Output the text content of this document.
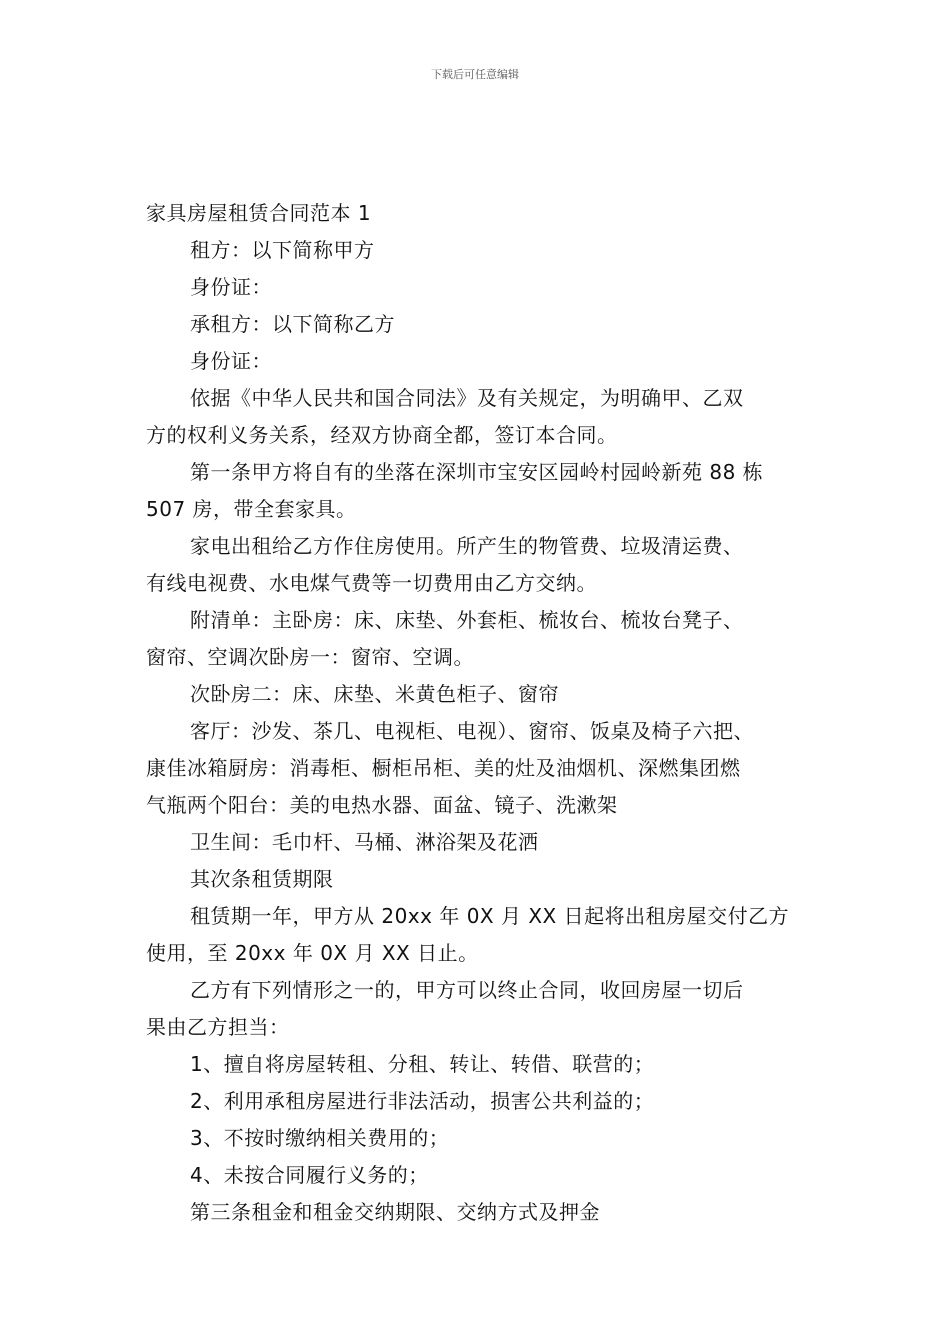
下载后可任意编辑

家具房屋租赁合同范本 1

租方：以下简称甲方

身份证：

承租方：以下简称乙方

身份证：

依据《中华人民共和国合同法》及有关规定，为明确甲、乙双

方的权利义务关系，经双方协商全都，签订本合同。

第一条甲方将自有的坐落在深圳市宝安区园岭村园岭新苑 88 栋

507 房，带全套家具。

家电出租给乙方作住房使用。所产生的物管费、垃圾清运费、

有线电视费、水电煤气费等一切费用由乙方交纳。

附清单：主卧房：床、床垫、外套柜、梳妆台、梳妆台凳子、

窗帘、空调次卧房一：窗帘、空调。

次卧房二：床、床垫、米黄色柜子、窗帘

客厅：沙发、茶几、电视柜、电视）、窗帘、饭桌及椅子六把、

康佳冰箱厨房：消毒柜、橱柜吊柜、美的灶及油烟机、深燃集团燃

气瓶两个阳台：美的电热水器、面盆、镜子、洗漱架

卫生间：毛巾杆、马桶、淋浴架及花洒

其次条租赁期限

租赁期一年，甲方从 20xx 年 0X 月 XX 日起将出租房屋交付乙方

使用，至 20xx 年 0X 月 XX 日止。

乙方有下列情形之一的，甲方可以终止合同，收回房屋一切后

果由乙方担当：

1、擅自将房屋转租、分租、转让、转借、联营的；

2、利用承租房屋进行非法活动，损害公共利益的；

3、不按时缴纳相关费用的；

4、未按合同履行义务的；

第三条租金和租金交纳期限、交纳方式及押金
